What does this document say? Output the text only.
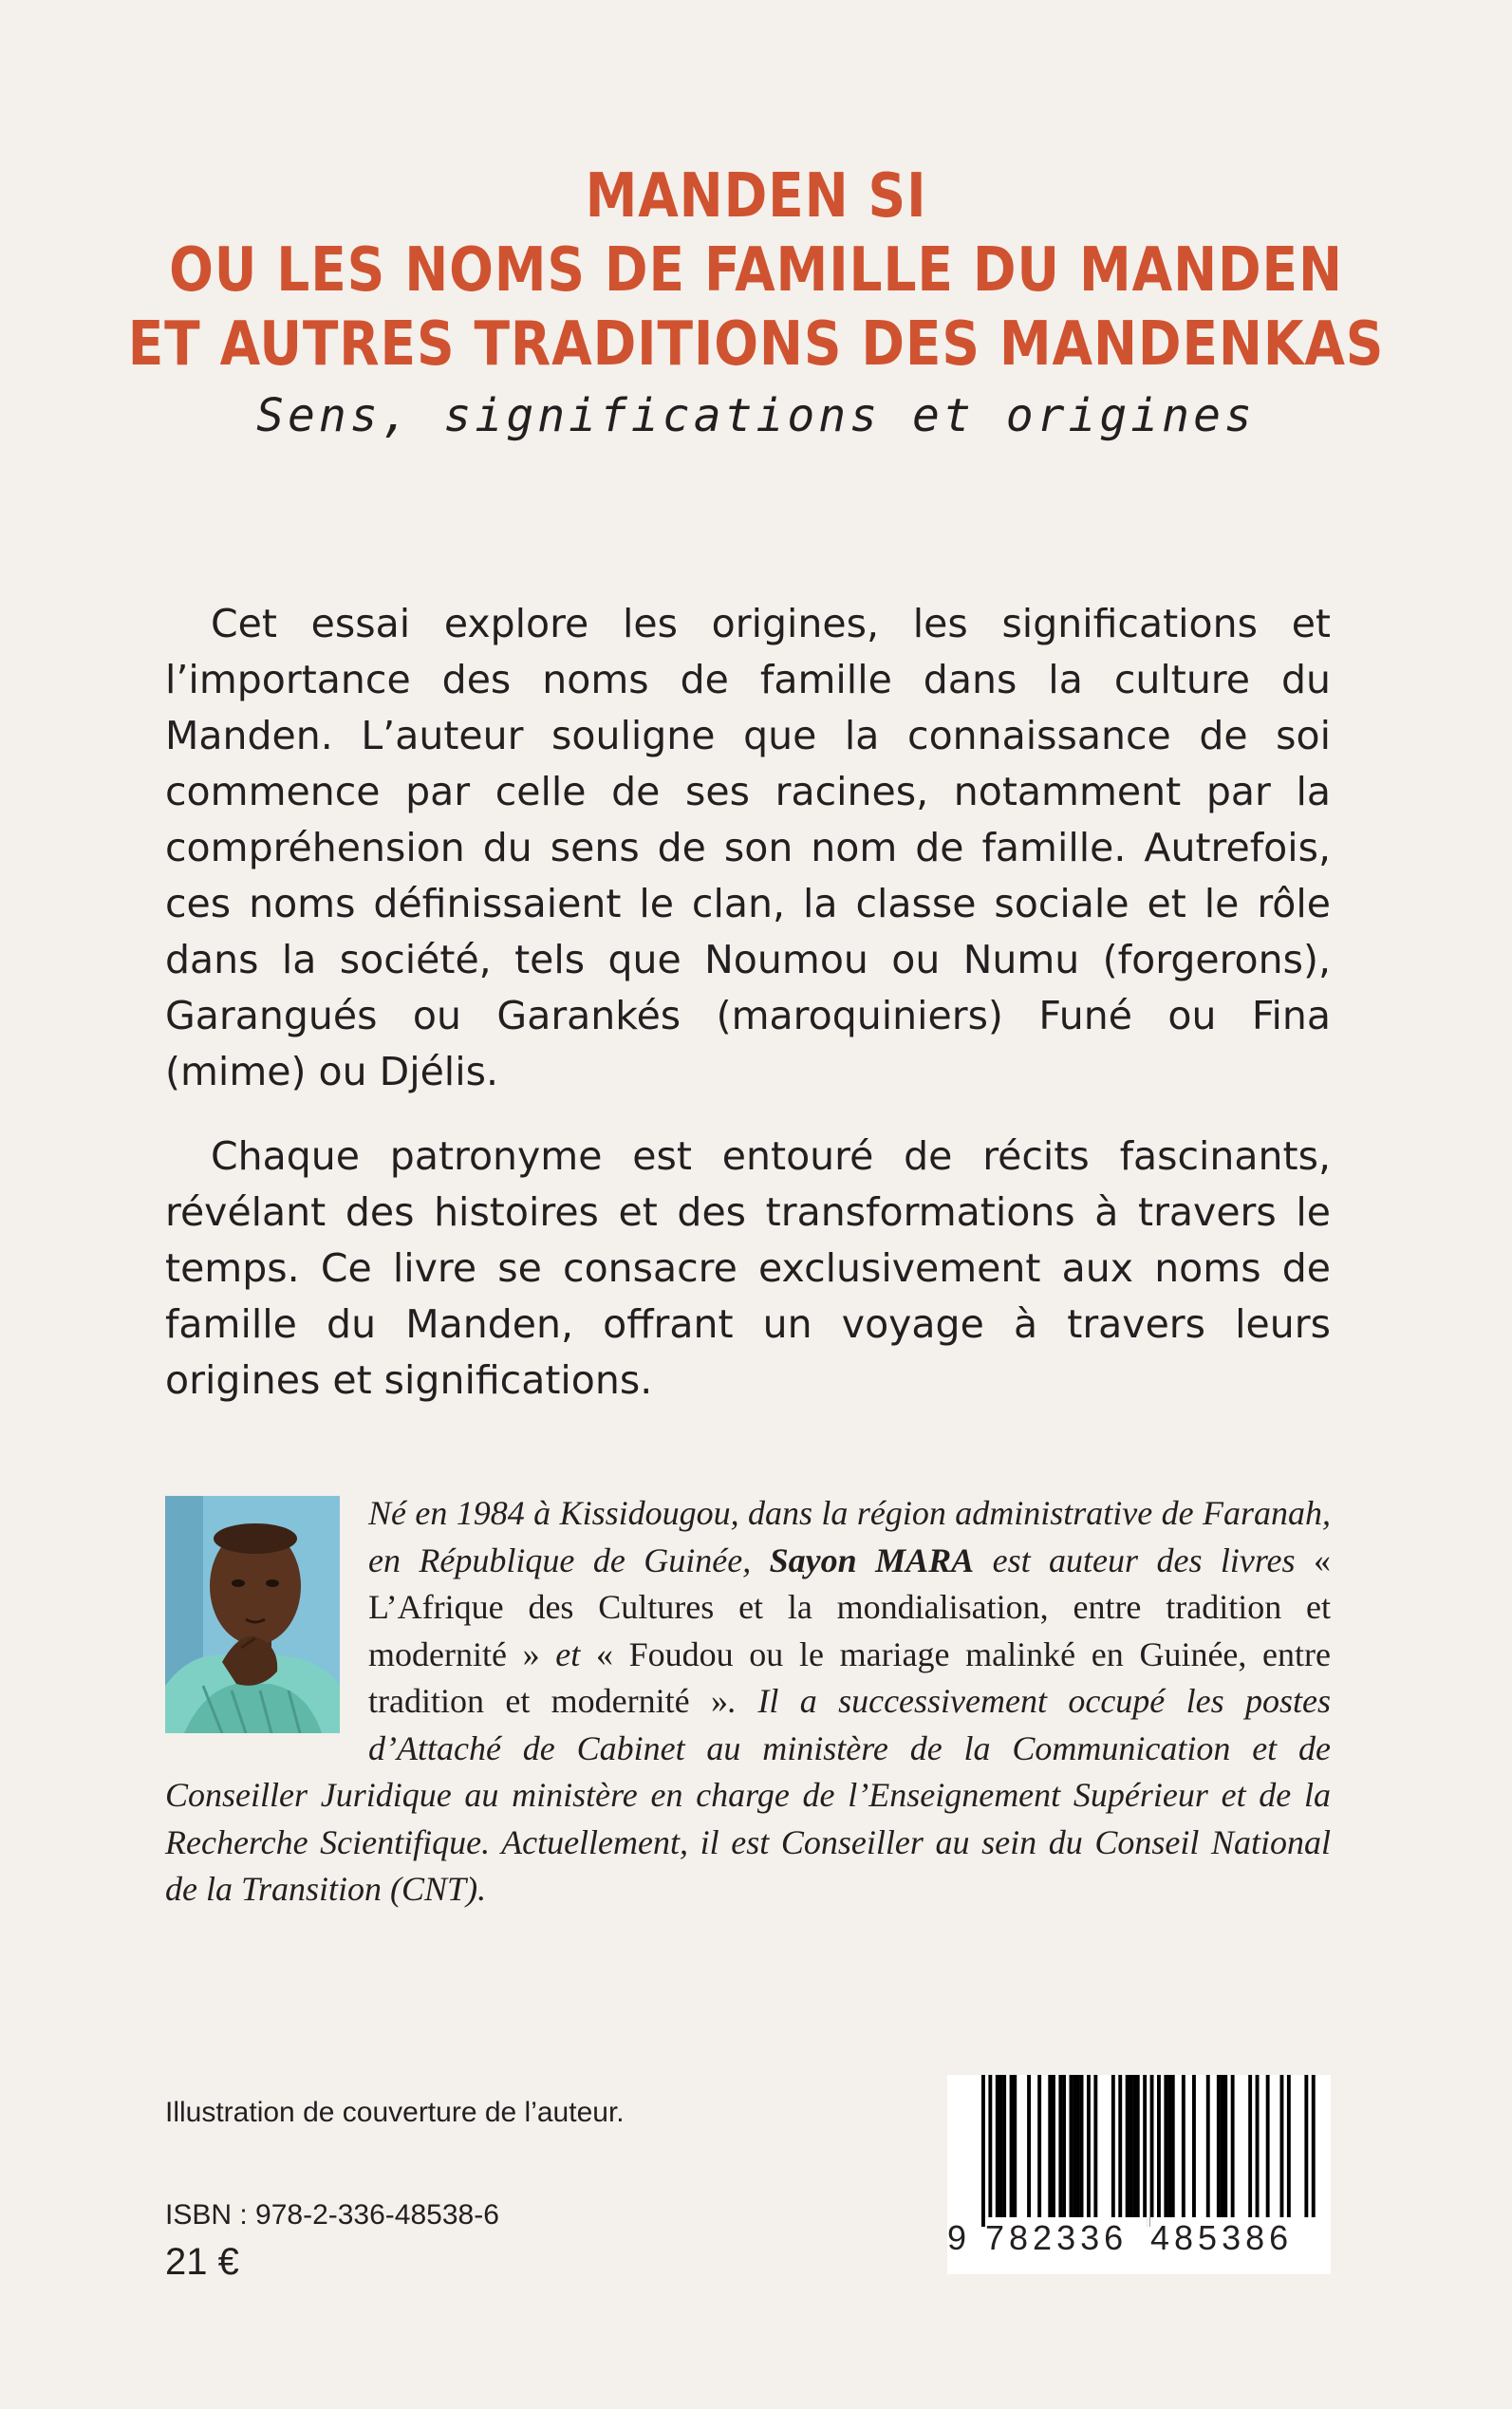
MANDEN SI
OU LES NOMS DE FAMILLE DU MANDEN
ET AUTRES TRADITIONS DES MANDENKAS
Sens, significations et origines

Cet essai explore les origines, les significations et l’importance des noms de famille dans la culture du Manden. L’auteur souligne que la connaissance de soi commence par celle de ses racines, notamment par la compréhension du sens de son nom de famille. Autrefois, ces noms définissaient le clan, la classe sociale et le rôle dans la société, tels que Noumou ou Numu (forgerons), Garangués ou Garankés (maroquiniers) Funé ou Fina (mime) ou Djélis.

Chaque patronyme est entouré de récits fascinants, révélant des histoires et des transformations à travers le temps. Ce livre se consacre exclusivement aux noms de famille du Manden, offrant un voyage à travers leurs origines et significations.

Né en 1984 à Kissidougou, dans la région administrative de Faranah, en République de Guinée, Sayon MARA est auteur des livres « L’Afrique des Cultures et la mondialisation, entre tradition et modernité » et « Foudou ou le mariage malinké en Guinée, entre tradition et modernité ». Il a successivement occupé les postes d’Attaché de Cabinet au ministère de la Communication et de Conseiller Juridique au ministère en charge de l’Enseignement Supérieur et de la Recherche Scientifique. Actuellement, il est Conseiller au sein du Conseil National de la Transition (CNT).

Illustration de couverture de l’auteur.
ISBN : 978-2-336-48538-6
21 €
9 782336 485386
